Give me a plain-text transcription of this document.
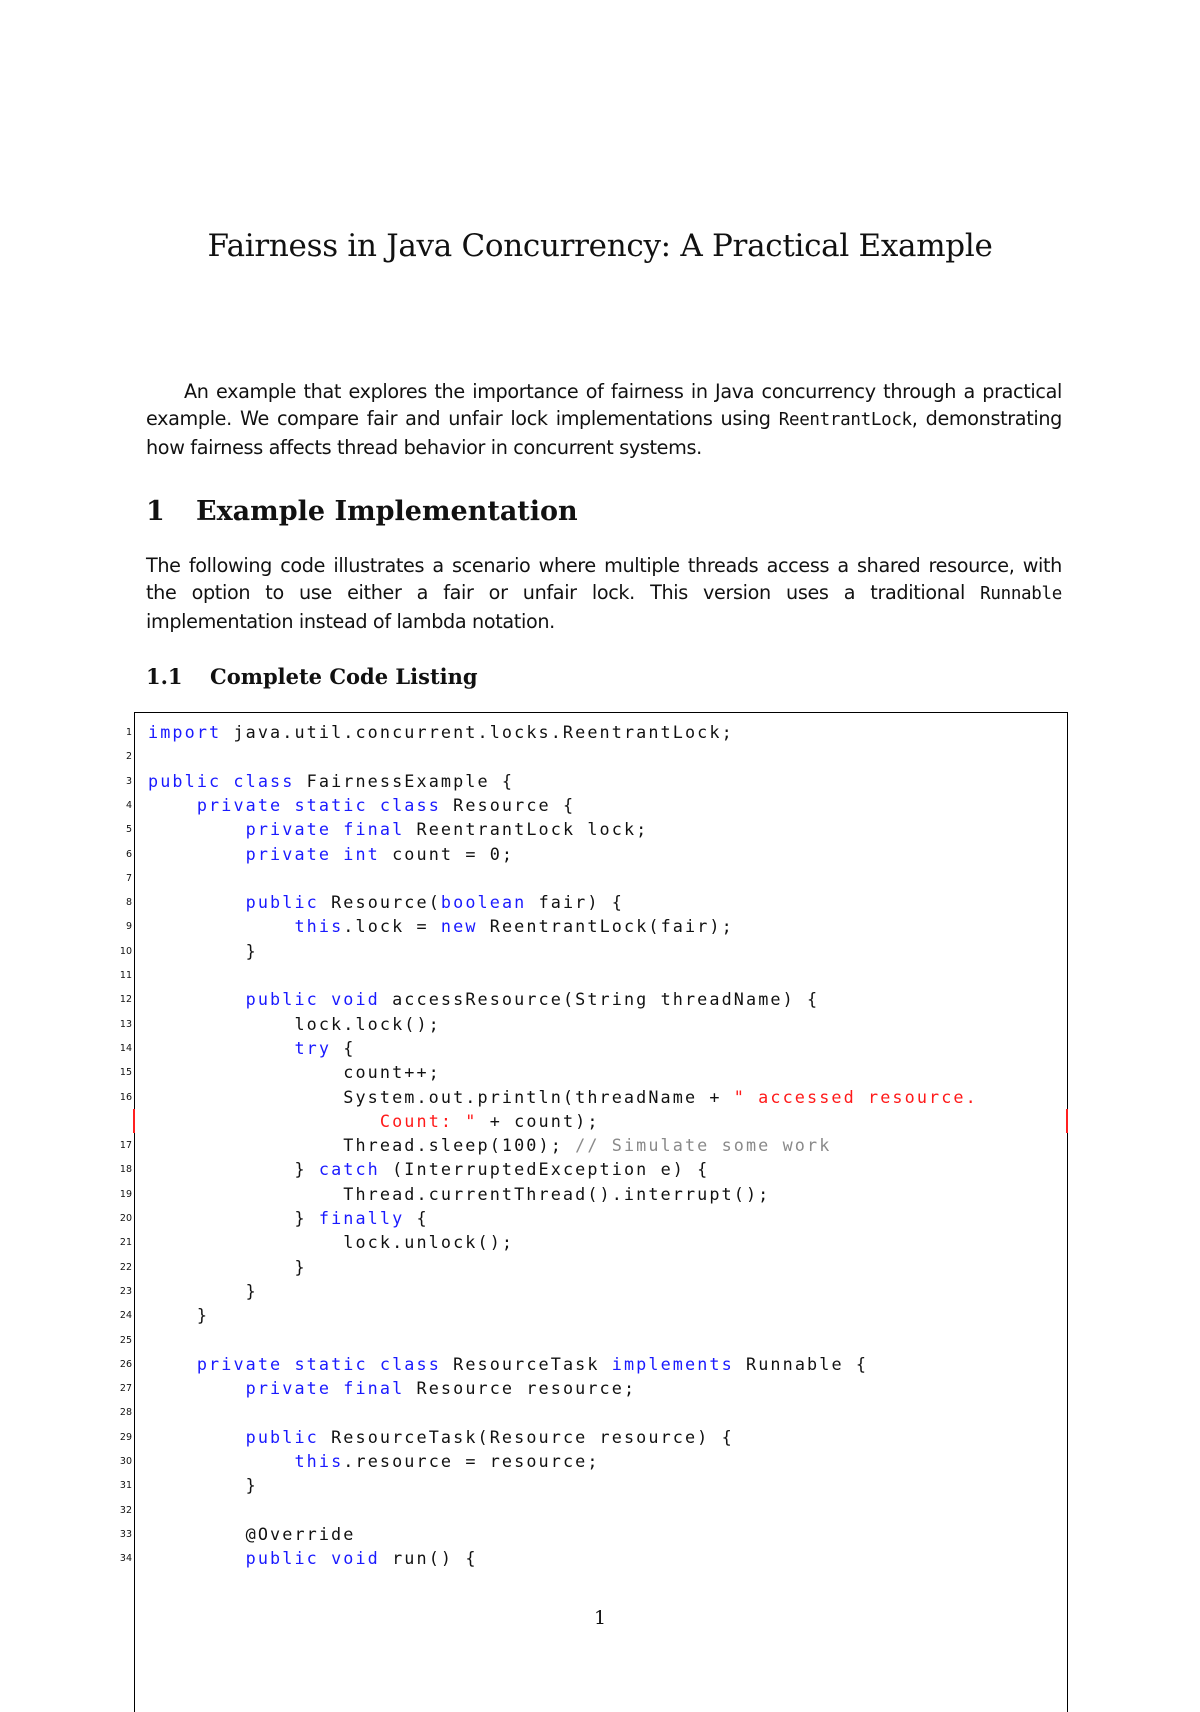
Fairness in Java Concurrency: A Practical Example
An example that explores the importance of fairness in Java concurrency through a practical example. We compare fair and unfair lock implementations using ReentrantLock, demonstrating how fairness affects thread behavior in concurrent systems.
1 Example Implementation
The following code illustrates a scenario where multiple threads access a shared resource, with the option to use either a fair or unfair lock. This version uses a traditional Runnable implementation instead of lambda notation.
1.1 Complete Code Listing
1 import java.util.concurrent.locks.ReentrantLock;
2
3 public class FairnessExample {
4	private static class Resource {
5	private final ReentrantLock lock;
6	private int count = 0;
7
8	public Resource(boolean fair) {
9	this.lock = new ReentrantLock(fair);
10 }
11
12	public void accessResource(String threadName) {
13 lock.lock();
14	try {
15 count++;
16 System.out.println(threadName + " accessed resource.
Count: " + count);
17 Thread.sleep(100); // Simulate some work
18 } catch (InterruptedException e) {
19 Thread.currentThread().interrupt();
20 } finally {
21 lock.unlock();
22 }
23 }
24 }
25
26	private static class ResourceTask implements Runnable {
27	private final Resource resource;
28
29	public ResourceTask(Resource resource) {
30	this.resource = resource;
31 }
32
33 @Override
34	public void run() {
1
